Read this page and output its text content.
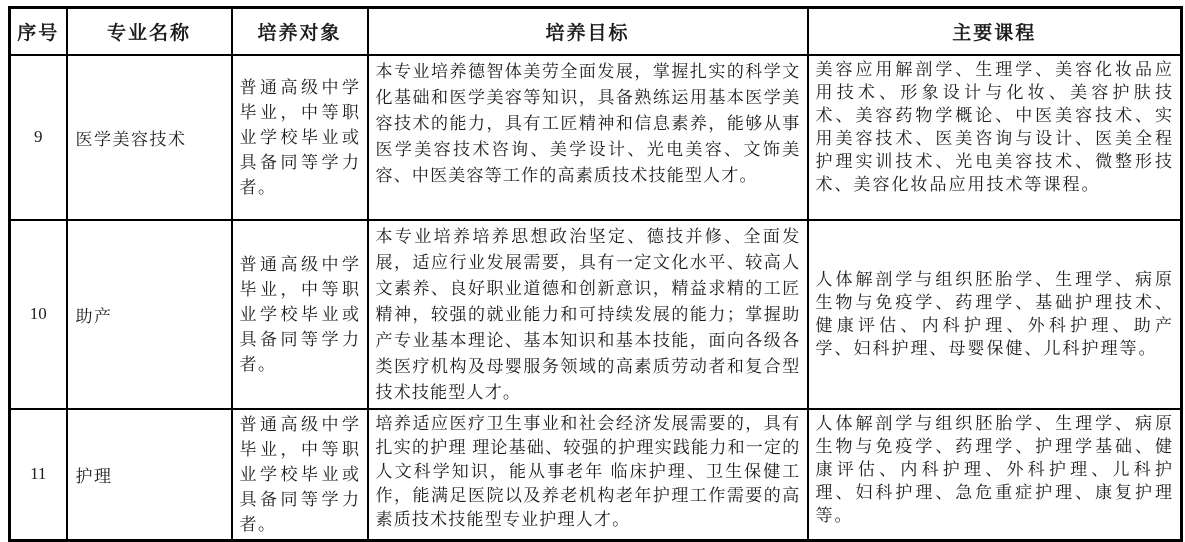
序号	专业名称	培养对象	培养目标	主要课程
9	医学美容技术	普通高级中学毕业，中等职业学校毕业或具备同等学力者。	本专业培养德智体美劳全面发展，掌握扎实的科学文化基础和医学美容等知识，具备熟练运用基本医学美容技术的能力，具有工匠精神和信息素养，能够从事医学美容技术咨询、美学设计、光电美容、文饰美容、中医美容等工作的高素质技术技能型人才。	美容应用解剖学、生理学、美容化妆品应用技术、形象设计与化妆、美容护肤技术、美容药物学概论、中医美容技术、实用美容技术、医美咨询与设计、医美全程护理实训技术、光电美容技术、微整形技术、美容化妆品应用技术等课程。
10	助产	普通高级中学毕业，中等职业学校毕业或具备同等学力者。	本专业培养培养思想政治坚定、德技并修、全面发展，适应行业发展需要，具有一定文化水平、较高人文素养、良好职业道德和创新意识，精益求精的工匠精神，较强的就业能力和可持续发展的能力；掌握助产专业基本理论、基本知识和基本技能，面向各级各类医疗机构及母婴服务领域的高素质劳动者和复合型技术技能型人才。	人体解剖学与组织胚胎学、生理学、病原生物与免疫学、药理学、基础护理技术、健康评估、内科护理、外科护理、助产学、妇科护理、母婴保健、儿科护理等。
11	护理	普通高级中学毕业，中等职业学校毕业或具备同等学力者。	培养适应医疗卫生事业和社会经济发展需要的，具有扎实的护理 理论基础、较强的护理实践能力和一定的人文科学知识，能从事老年 临床护理、卫生保健工作，能满足医院以及养老机构老年护理工作需要的高素质技术技能型专业护理人才。	人体解剖学与组织胚胎学、生理学、病原生物与免疫学、药理学、护理学基础、健康评估、内科护理、外科护理、儿科护理、妇科护理、急危重症护理、康复护理等。
